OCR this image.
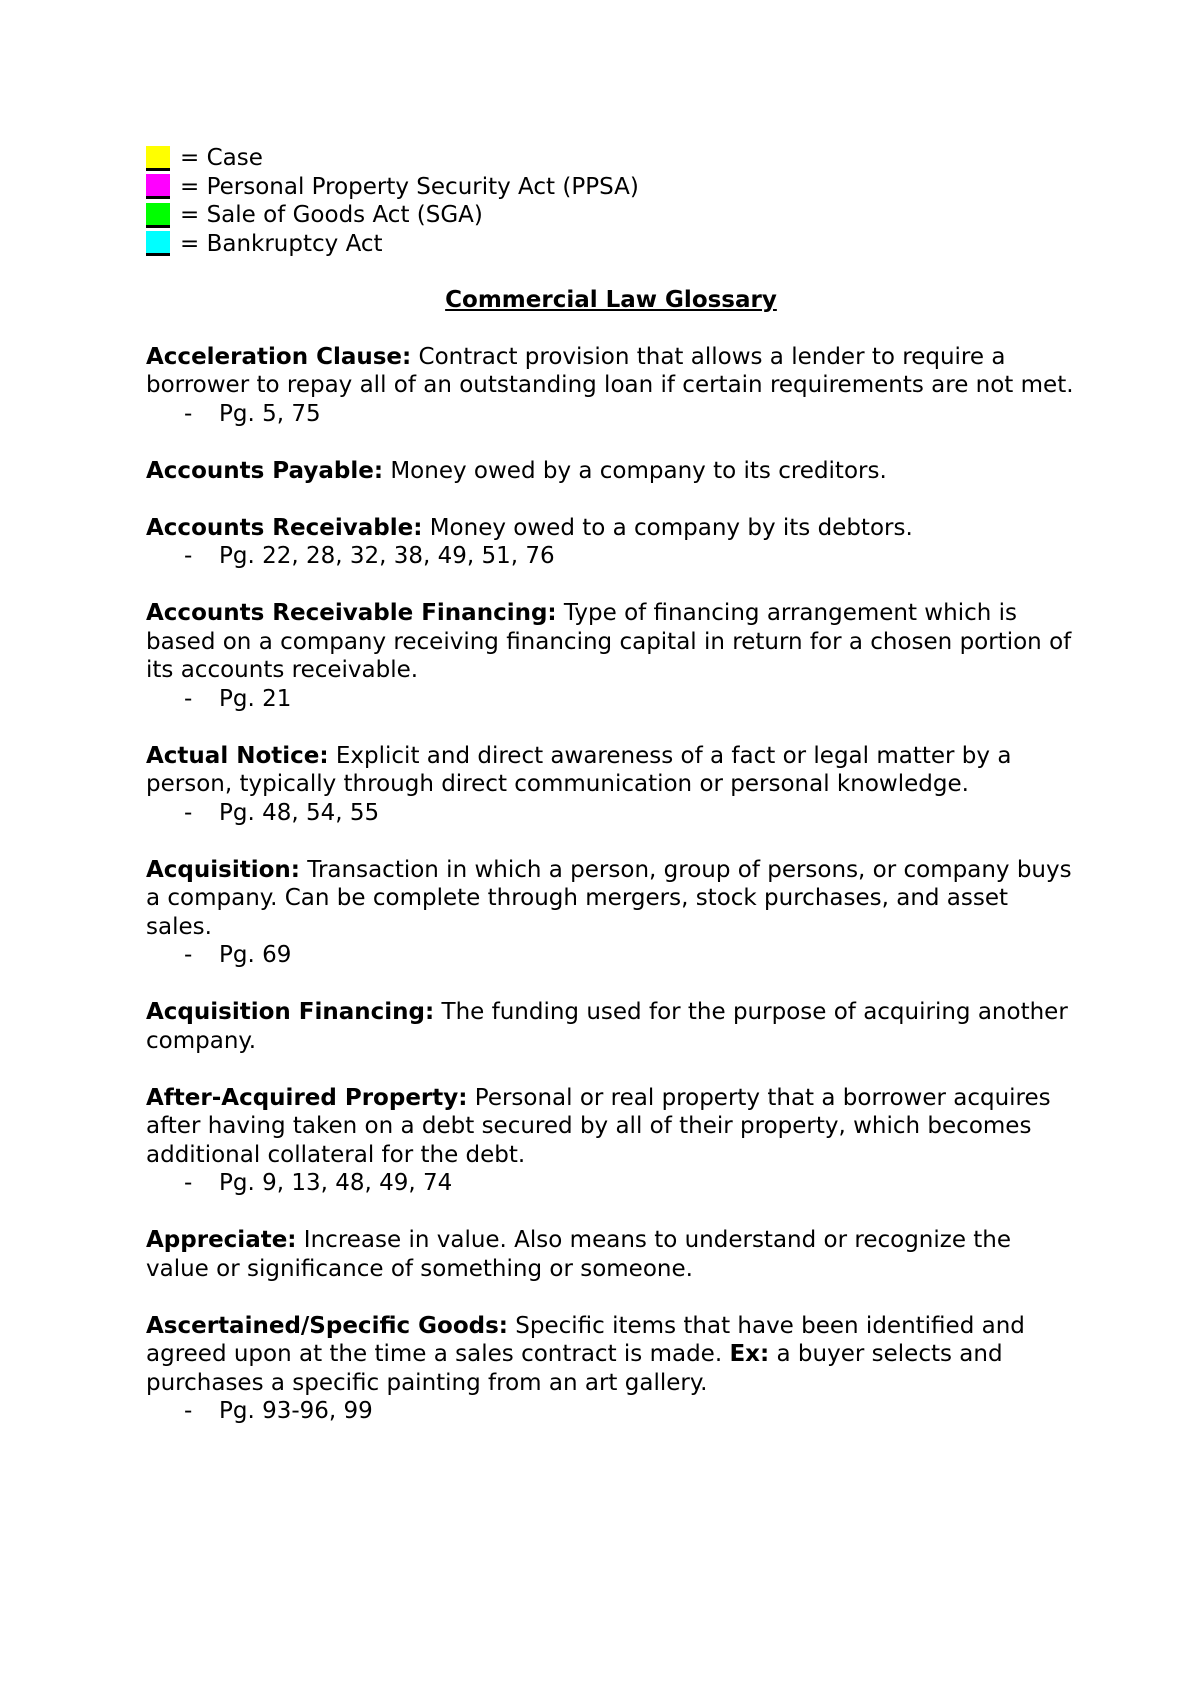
= Case
= Personal Property Security Act (PPSA)
= Sale of Goods Act (SGA)
= Bankruptcy Act
Commercial Law Glossary
Acceleration Clause: Contract provision that allows a lender to require a borrower to repay all of an outstanding loan if certain requirements are not met.
-	Pg. 5, 75
Accounts Payable: Money owed by a company to its creditors.
Accounts Receivable: Money owed to a company by its debtors.
-	Pg. 22, 28, 32, 38, 49, 51, 76
Accounts Receivable Financing: Type of financing arrangement which is based on a company receiving financing capital in return for a chosen portion of its accounts receivable.
-	Pg. 21
Actual Notice: Explicit and direct awareness of a fact or legal matter by a person, typically through direct communication or personal knowledge.
-	Pg. 48, 54, 55
Acquisition: Transaction in which a person, group of persons, or company buys a company. Can be complete through mergers, stock purchases, and asset sales.
-	Pg. 69
Acquisition Financing: The funding used for the purpose of acquiring another company.
After-Acquired Property: Personal or real property that a borrower acquires after having taken on a debt secured by all of their property, which becomes additional collateral for the debt.
-	Pg. 9, 13, 48, 49, 74
Appreciate: Increase in value. Also means to understand or recognize the value or significance of something or someone.
Ascertained/Specific Goods: Specific items that have been identified and agreed upon at the time a sales contract is made. Ex: a buyer selects and purchases a specific painting from an art gallery.
-	Pg. 93-96, 99
